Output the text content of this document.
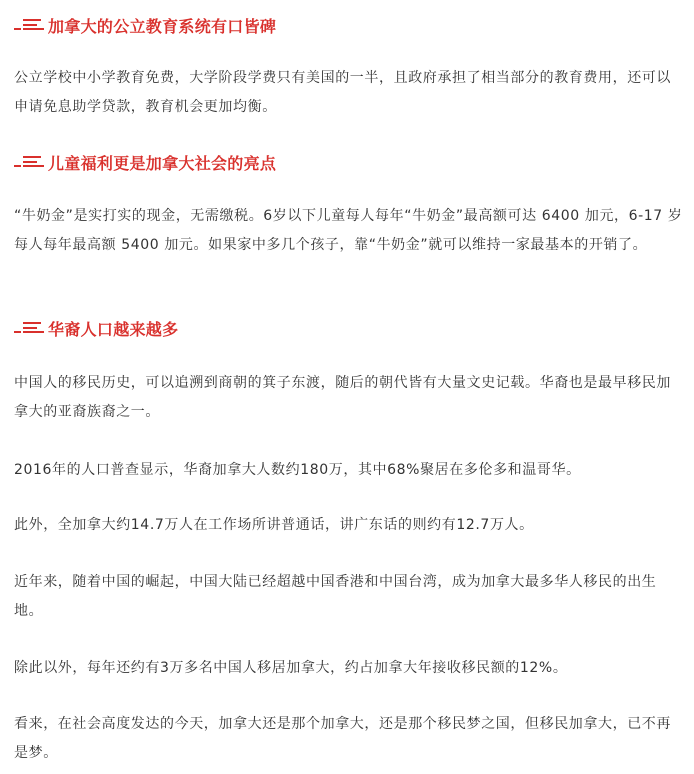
加拿大的公立教育系统有口皆碑

公立学校中小学教育免费，大学阶段学费只有美国的一半，且政府承担了相当部分的教育费用，还可以申请免息助学贷款，教育机会更加均衡。

儿童福利更是加拿大社会的亮点

“牛奶金”是实打实的现金，无需缴税。6岁以下儿童每人每年“牛奶金”最高额可达 6400 加元，6-17 岁每人每年最高额 5400 加元。如果家中多几个孩子，靠“牛奶金”就可以维持一家最基本的开销了。

华裔人口越来越多

中国人的移民历史，可以追溯到商朝的箕子东渡，随后的朝代皆有大量文史记载。华裔也是最早移民加拿大的亚裔族裔之一。

2016年的人口普查显示，华裔加拿大人数约180万，其中68%聚居在多伦多和温哥华。

此外，全加拿大约14.7万人在工作场所讲普通话，讲广东话的则约有12.7万人。

近年来，随着中国的崛起，中国大陆已经超越中国香港和中国台湾，成为加拿大最多华人移民的出生地。

除此以外，每年还约有3万多名中国人移居加拿大，约占加拿大年接收移民额的12%。

看来，在社会高度发达的今天，加拿大还是那个加拿大，还是那个移民梦之国，但移民加拿大，已不再是梦。
